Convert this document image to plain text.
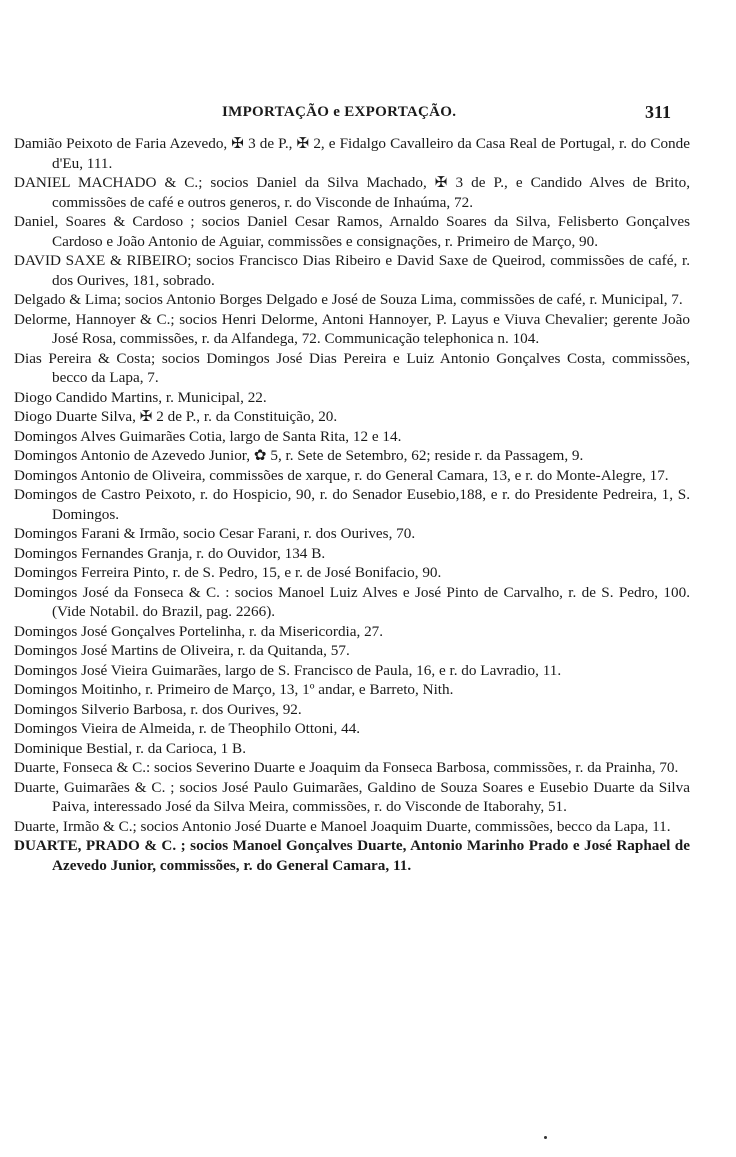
IMPORTAÇÃO e EXPORTAÇÃO.	311

Damião Peixoto de Faria Azevedo, ✠ 3 de P., ✠ 2, e Fidalgo Cavalleiro da Casa Real de Portugal, r. do Conde d'Eu, 111.

DANIEL MACHADO & C.; socios Daniel da Silva Machado, ✠ 3 de P., e Candido Alves de Brito, commissões de café e outros generos, r. do Visconde de Inhaúma, 72.

Daniel, Soares & Cardoso ; socios Daniel Cesar Ramos, Arnaldo Soares da Silva, Felisberto Gonçalves Cardoso e João Antonio de Aguiar, commissões e consignações, r. Primeiro de Março, 90.

DAVID SAXE & RIBEIRO; socios Francisco Dias Ribeiro e David Saxe de Queirod, commissões de café, r. dos Ourives, 181, sobrado.

Delgado & Lima; socios Antonio Borges Delgado e José de Souza Lima, commissões de café, r. Municipal, 7.

Delorme, Hannoyer & C.; socios Henri Delorme, Antoni Hannoyer, P. Layus e Viuva Chevalier; gerente João José Rosa, commissões, r. da Alfandega, 72. Communicação telephonica n. 104.

Dias Pereira & Costa; socios Domingos José Dias Pereira e Luiz Antonio Gonçalves Costa, commissões, becco da Lapa, 7.

Diogo Candido Martins, r. Municipal, 22.

Diogo Duarte Silva, ✠ 2 de P., r. da Constituição, 20.

Domingos Alves Guimarães Cotia, largo de Santa Rita, 12 e 14.

Domingos Antonio de Azevedo Junior, ✿ 5, r. Sete de Setembro, 62; reside r. da Passagem, 9.

Domingos Antonio de Oliveira, commissões de xarque, r. do General Camara, 13, e r. do Monte-Alegre, 17.

Domingos de Castro Peixoto, r. do Hospicio, 90, r. do Senador Eusebio,188, e r. do Presidente Pedreira, 1, S. Domingos.

Domingos Farani & Irmão, socio Cesar Farani, r. dos Ourives, 70.

Domingos Fernandes Granja, r. do Ouvidor, 134 B.

Domingos Ferreira Pinto, r. de S. Pedro, 15, e r. de José Bonifacio, 90.

Domingos José da Fonseca & C. : socios Manoel Luiz Alves e José Pinto de Carvalho, r. de S. Pedro, 100. (Vide Notabil. do Brazil, pag. 2266).

Domingos José Gonçalves Portelinha, r. da Misericordia, 27.

Domingos José Martins de Oliveira, r. da Quitanda, 57.

Domingos José Vieira Guimarães, largo de S. Francisco de Paula, 16, e r. do Lavradio, 11.

Domingos Moitinho, r. Primeiro de Março, 13, 1º andar, e Barreto, Nith.

Domingos Silverio Barbosa, r. dos Ourives, 92.

Domingos Vieira de Almeida, r. de Theophilo Ottoni, 44.

Dominique Bestial, r. da Carioca, 1 B.

Duarte, Fonseca & C.: socios Severino Duarte e Joaquim da Fonseca Barbosa, commissões, r. da Prainha, 70.

Duarte, Guimarães & C. ; socios José Paulo Guimarães, Galdino de Souza Soares e Eusebio Duarte da Silva Paiva, interessado José da Silva Meira, commissões, r. do Visconde de Itaborahy, 51.

Duarte, Irmão & C.; socios Antonio José Duarte e Manoel Joaquim Duarte, commissões, becco da Lapa, 11.

DUARTE, PRADO & C. ; socios Manoel Gonçalves Duarte, Antonio Marinho Prado e José Raphael de Azevedo Junior, commissões, r. do General Camara, 11.
